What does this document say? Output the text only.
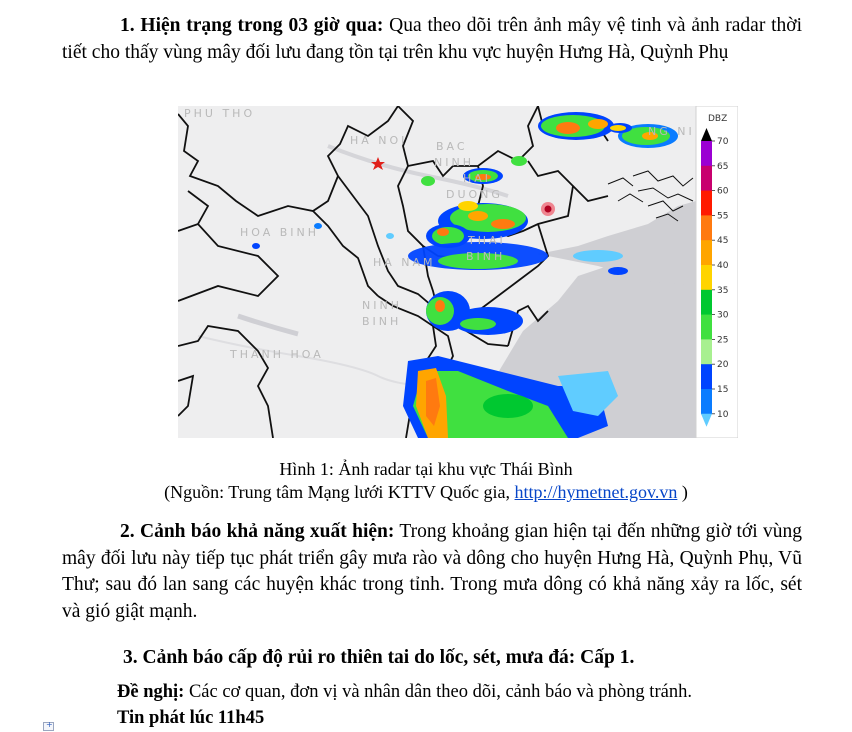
1. Hiện trạng trong 03 giờ qua: Qua theo dõi trên ảnh mây vệ tinh và ảnh radar thời tiết cho thấy vùng mây đối lưu đang tồn tại trên khu vực huyện Hưng Hà, Quỳnh Phụ
PHU THO
HA NOI	BAC
NINH
HAI
DUONG
HOA BINH
HA NAM
THAI
BINH
NINH
BINH
THANH HOA
NG NI
DBZ
70
65
60
55
45
40
35
30
25
20
15
10
Hình 1: Ảnh radar tại khu vực Thái Bình
(Nguồn: Trung tâm Mạng lưới KTTV Quốc gia, http://hymetnet.gov.vn )
2. Cảnh báo khả năng xuất hiện: Trong khoảng gian hiện tại đến những giờ tới vùng mây đối lưu này tiếp tục phát triển gây mưa rào và dông cho huyện Hưng Hà, Quỳnh Phụ, Vũ Thư; sau đó lan sang các huyện khác trong tỉnh. Trong mưa dông có khả năng xảy ra lốc, sét và gió giật mạnh.
3. Cảnh báo cấp độ rủi ro thiên tai do lốc, sét, mưa đá: Cấp 1.
Đề nghị: Các cơ quan, đơn vị và nhân dân theo dõi, cảnh báo và phòng tránh.
Tin phát lúc 11h45
+
